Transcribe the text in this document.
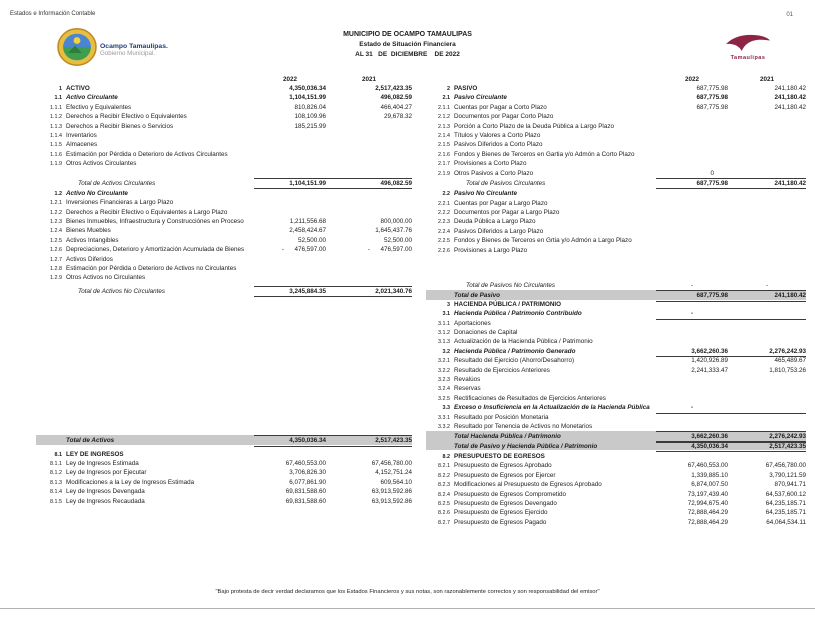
Estados e Información Contable	01
Ocampo Tamaulipas.
Gobierno Municipal.
MUNICIPIO DE OCAMPO TAMAULIPAS
Estado de Situación Financiera
AL 31   DE  DICIEMBRE    DE 2022	Tamaulipas
2022	2021
1 ACTIVO	4,350,036.34	2,517,423.35
1.1 Activo Circulante	1,104,151.99	496,082.59
1.1.1 Efectivo y Equivalentes	810,826.04	466,404.27
1.1.2 Derechos a Recibir Efectivo o Equivalentes	108,109.96	29,678.32
1.1.3 Derechos a Recibir Bienes o Servicios	185,215.99
1.1.4 Inventarios
1.1.5 Almacenes
1.1.6 Estimación por Pérdida o Deterioro de Activos Circulantes
1.1.9 Otros Activos Circulantes
Total de Activos Circulantes	1,104,151.99	496,082.59
1.2 Activo No Circulante
1.2.1 Inversiones Financieras a Largo Plazo
1.2.2 Derechos a Recibir Efectivo o Equivalentes a Largo Plazo
1.2.3 Bienes Inmuebles, Infraestructura y Construcciónes en Proceso	1,211,556.68	800,000.00
1.2.4 Bienes Muebles	2,458,424.67	1,645,437.76
1.2.5 Activos Intangibles	52,500.00	52,500.00
1.2.6 Depreciaciones, Deterioro y Amortización Acumulada de Bienes	-      476,597.00	-      476,597.00
1.2.7 Activos Diferidos
1.2.8 Estimación por Pérdida o Deterioro de Activos no Circulantes
1.2.9 Otros Activos no Circulantes
Total de Activos No Circulantes	3,245,884.35	2,021,340.76
Total de Activos	4,350,036.34	2,517,423.35
8.1 LEY DE INGRESOS
8.1.1 Ley de Ingresos Estimada	67,460,553.00	67,456,780.00
8.1.2 Ley de Ingresos por Ejecutar	3,706,826.30	4,152,751.24
8.1.3 Modificaciones a la Ley de Ingresos Estimada	6,077,861.90	609,564.10
8.1.4 Ley de Ingresos Devengada	69,831,588.60	63,913,592.86
8.1.5 Ley de Ingresos Recaudada	69,831,588.60	63,913,592.86
2022	2021
2 PASIVO	687,775.98	241,180.42
2.1 Pasivo Circulante	687,775.98	241,180.42
2.1.1 Cuentas por Pagar a Corto Plazo	687,775.98	241,180.42
2.1.2 Documentos por Pagar Corto Plazo
2.1.3 Porción a Corto Plazo de la Deuda Pública a Largo Plazo
2.1.4 Títulos y Valores a Corto Plazo
2.1.5 Pasivos Diferidos a Corto Plazo
2.1.6 Fondos y Bienes de Terceros en Gartia y/o Admón a Corto Plazo
2.1.7 Provisiones a Corto Plazo
2.1.9 Otros Pasivos a Corto Plazo	0
Total de Pasivos Circulantes	687,775.98	241,180.42
2.2 Pasivo No Circulante
2.2.1 Cuentas por Pagar a Largo Plazo
2.2.2 Documentos por Pagar a Largo Plazo
2.2.3 Deuda Pública a Largo Plazo
2.2.4 Pasivos Diferidos a Largo Plazo
2.2.5 Fondos y Bienes de Terceros en Grtia y/o Admón a Largo Plazo
2.2.6 Provisiones a Largo Plazo
Total de Pasivos No Circulantes	-	-
Total de Pasivo	687,775.98	241,180.42
3 HACIENDA PÚBLICA / PATRIMONIO
3.1 Hacienda Pública / Patrimonio Contribuido	-
3.1.1 Aportaciones
3.1.2 Donaciones de Capital
3.1.3 Actualización de la Hacienda Pública / Patrimonio
3.2 Hacienda Pública / Patrimonio Generado	3,662,260.36	2,276,242.93
3.2.1 Resultado del Ejercicio (Ahorro/Desahorro)	1,420,926.89	465,489.67
3.2.2 Resultado de Ejercicios Anteriores	2,241,333.47	1,810,753.26
3.2.3 Revalúos
3.2.4 Reservas
3.2.5 Rectificaciones de Resultados de Ejercicios Anteriores
3.3 Exceso o Insuficiencia en la Actualización de la Hacienda Pública	-
3.3.1 Resultado por Posición Monetaria
3.3.2 Resultado por Tenencia de Activos no Monetarios
Total Hacienda Pública / Patrimonio	3,662,260.36	2,276,242.93
Total de Pasivo y Hacienda Pública / Patrimonio	4,350,036.34	2,517,423.35
8.2 PRESUPUESTO DE EGRESOS
8.2.1 Presupuesto de Egresos Aprobado	67,460,553.00	67,456,780.00
8.2.2 Presupuesto de Egresos por Ejercer	1,339,885.10	3,790,121.59
8.2.3 Modificaciones al Presupuesto de Egresos Aprobado	6,874,007.50	870,941.71
8.2.4 Presupuesto de Egresos Comprometido	73,197,439.40	64,537,600.12
8.2.5 Presupuesto de Egresos Devengado	72,994,675.40	64,235,185.71
8.2.6 Presupuesto de Egresos Ejercido	72,888,464.29	64,235,185.71
8.2.7 Presupuesto de Egresos Pagado	72,888,464.29	64,064,534.11
"Bajo protesta de decir verdad declaramos que los Estados Financieros y sus notas, son razonablemente correctos y son responsabilidad del emisor"
